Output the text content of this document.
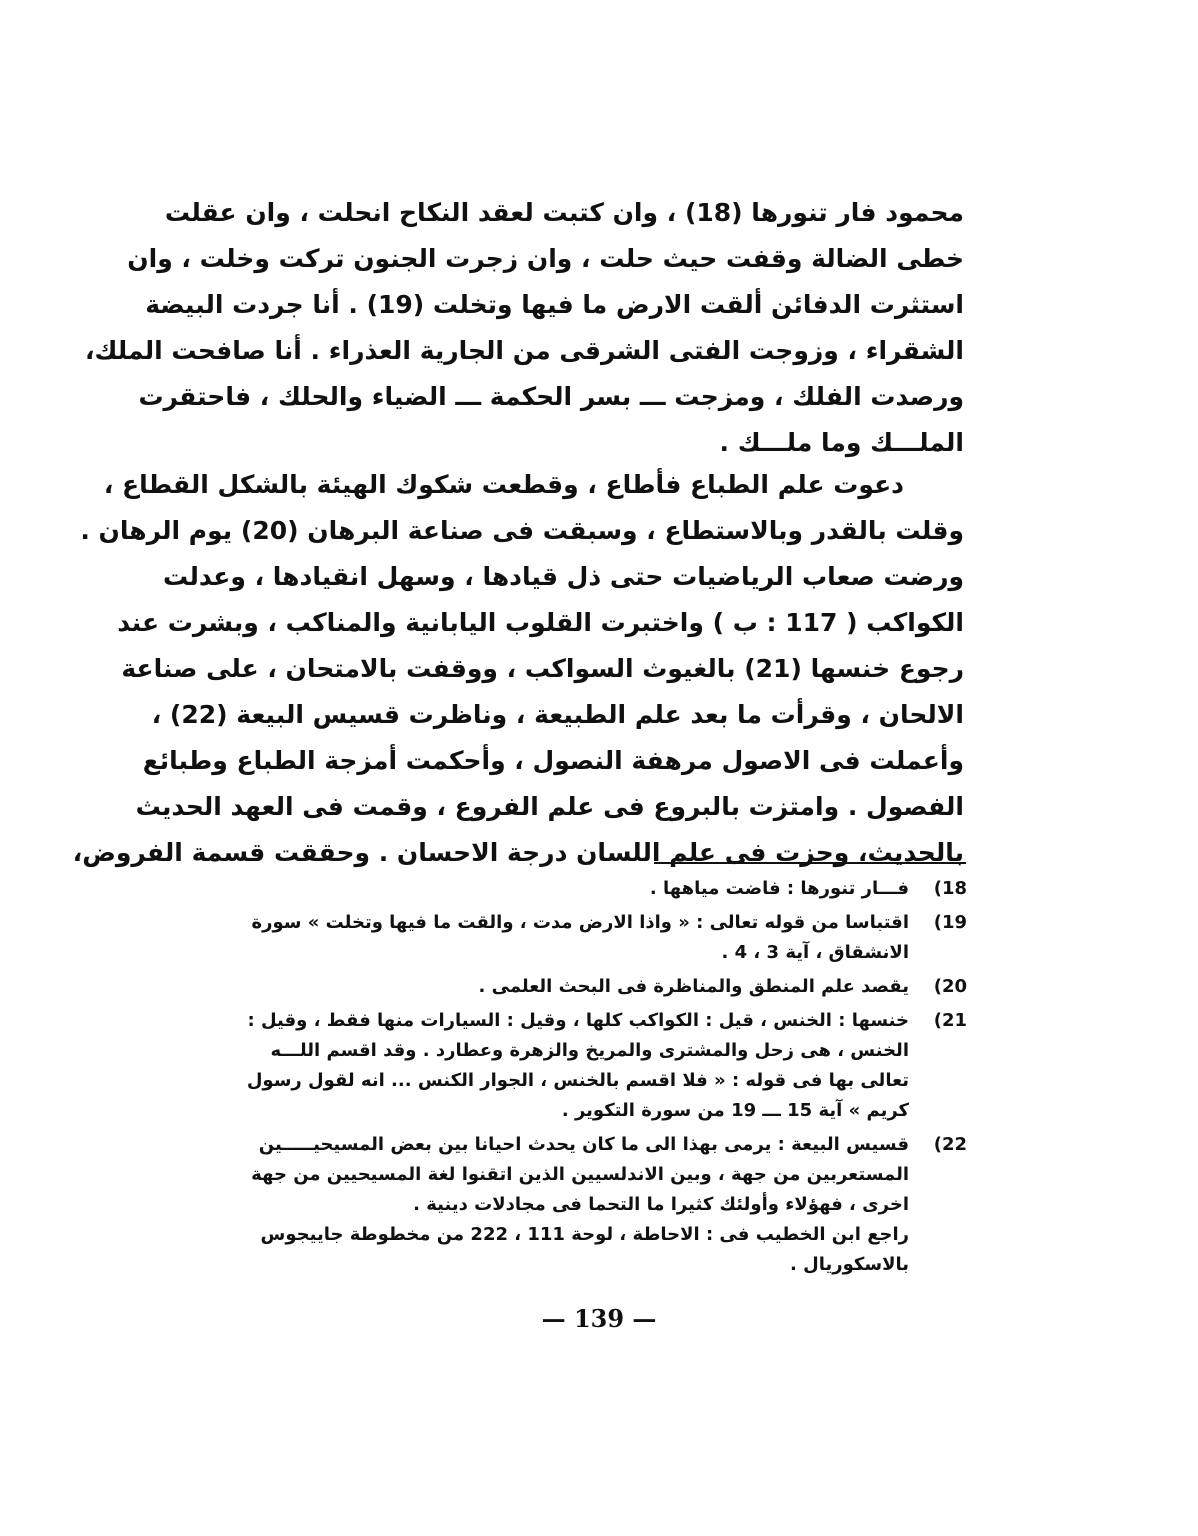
محمود فار تنورها (18) ، وان كتبت لعقد النكاح انحلت ، وان عقلت
خطى الضالة وقفت حيث حلت ، وان زجرت الجنون تركت وخلت ، وان
استثرت الدفائن ألقت الارض ما فيها وتخلت (19) . أنا جردت البيضة
الشقراء ، وزوجت الفتى الشرقى من الجارية العذراء . أنا صافحت الملك،
ورصدت الفلك ، ومزجت ـــ بسر الحكمة ـــ الضياء والحلك ، فاحتقرت
الملـــك وما ملـــك .
دعوت علم الطباع فأطاع ، وقطعت شكوك الهيئة بالشكل القطاع ،
وقلت بالقدر وبالاستطاع ، وسبقت فى صناعة البرهان (20) يوم الرهان .
ورضت صعاب الرياضيات حتى ذل قيادها ، وسهل انقيادها ، وعدلت
الكواكب ( 117 : ب ) واختبرت القلوب اليابانية والمناكب ، وبشرت عند
رجوع خنسها (21) بالغيوث السواكب ، ووقفت بالامتحان ، على صناعة
الالحان ، وقرأت ما بعد علم الطبيعة ، وناظرت قسيس البيعة (22) ،
وأعملت فى الاصول مرهفة النصول ، وأحكمت أمزجة الطباع وطبائع
الفصول . وامتزت بالبروع فى علم الفروع ، وقمت فى العهد الحديث
بالحديث، وحزت فى علم اللسان درجة الاحسان . وحققت قسمة الفروض،
18)
فـــار تنورها : فاضت مياهها .
19)
اقتباسا من قوله تعالى : « واذا الارض مدت ، والقت ما فيها وتخلت » سورة
الانشقاق ، آية 3 ، 4 .
20)
يقصد علم المنطق والمناظرة فى البحث العلمى .
21)
خنسها : الخنس ، قيل : الكواكب كلها ، وقيل : السيارات منها فقط ، وقيل :
الخنس ، هى زحل والمشترى والمريخ والزهرة وعطارد . وقد اقسم اللـــه
تعالى بها فى قوله : « فلا اقسم بالخنس ، الجوار الكنس ... انه لقول رسول
كريم » آية 15 ـــ 19 من سورة التكوير .
22)
قسيس البيعة : يرمى بهذا الى ما كان يحدث احيانا بين بعض المسيحيـــــين
المستعربين من جهة ، وبين الاندلسيين الذين اتقنوا لغة المسيحيين من جهة
اخرى ، فهؤلاء وأولئك كثيرا ما التحما فى مجادلات دينية .
راجع ابن الخطيب فى : الاحاطة ، لوحة 111 ، 222 من مخطوطة جاييجوس
بالاسكوريال .
— 139 —
